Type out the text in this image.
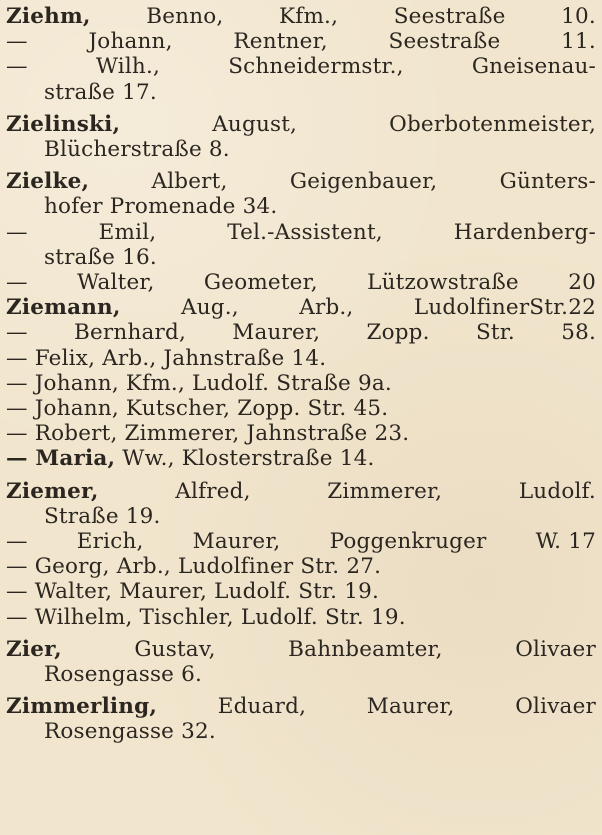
Ziehm,	Benno,	Kfm.,	Seestraße	10.
—	Johann,	Rentner,	Seestraße	11.
—	Wilh.,	Schneidermstr.,	Gneisenau-
straße 17.
Zielinski,	August,	Oberbotenmeister,
Blücherstraße 8.
Zielke,	Albert,	Geigenbauer,	Günters-
hofer Promenade 34.
—	Emil,	Tel.-Assistent,	Hardenberg-
straße 16.
— Walter, Geometer, Lützowstraße 20
Ziemann,	Aug.,	Arb.,	LudolfinerStr.22
— Bernhard, Maurer, Zopp. Str. 58.
— Felix, Arb., Jahnstraße 14.
— Johann, Kfm., Ludolf. Straße 9a.
— Johann, Kutscher, Zopp. Str. 45.
— Robert, Zimmerer, Jahnstraße 23.
— Maria, Ww., Klosterstraße 14.
Ziemer,	Alfred,	Zimmerer,	Ludolf.
Straße 19.
— Erich, Maurer, Poggenkruger W. 17
— Georg, Arb., Ludolfiner Str. 27.
— Walter, Maurer, Ludolf. Str. 19.
— Wilhelm, Tischler, Ludolf. Str. 19.
Zier,	Gustav,	Bahnbeamter,	Olivaer
Rosengasse 6.
Zimmerling,	Eduard,	Maurer,	Olivaer
Rosengasse 32.
